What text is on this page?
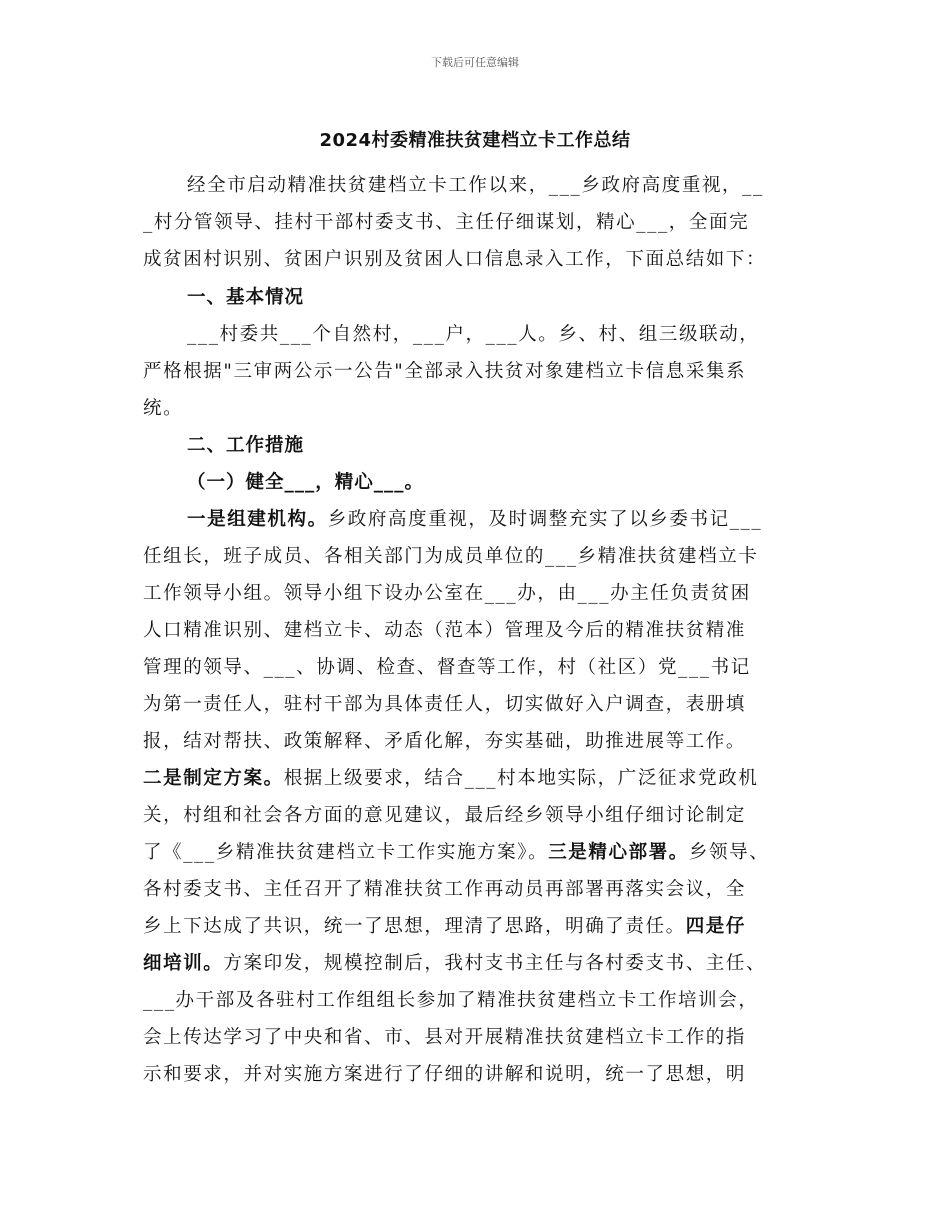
下载后可任意编辑
2024村委精准扶贫建档立卡工作总结
经全市启动精准扶贫建档立卡工作以来，___乡政府高度重视，__
_村分管领导、挂村干部村委支书、主任仔细谋划，精心___，全面完
成贫困村识别、贫困户识别及贫困人口信息录入工作，下面总结如下：
一、基本情况
___村委共___个自然村，___户，___人。乡、村、组三级联动，
严格根据"三审两公示一公告"全部录入扶贫对象建档立卡信息采集系
统。
二、工作措施
（一）健全___，精心___。
一是组建机构。乡政府高度重视，及时调整充实了以乡委书记___
任组长，班子成员、各相关部门为成员单位的___乡精准扶贫建档立卡
工作领导小组。领导小组下设办公室在___办，由___办主任负责贫困
人口精准识别、建档立卡、动态（范本）管理及今后的精准扶贫精准
管理的领导、___、协调、检查、督查等工作，村（社区）党___书记
为第一责任人，驻村干部为具体责任人，切实做好入户调查，表册填
报，结对帮扶、政策解释、矛盾化解，夯实基础，助推进展等工作。
二是制定方案。根据上级要求，结合___村本地实际，广泛征求党政机
关，村组和社会各方面的意见建议，最后经乡领导小组仔细讨论制定
了《___乡精准扶贫建档立卡工作实施方案》。三是精心部署。乡领导、
各村委支书、主任召开了精准扶贫工作再动员再部署再落实会议，全
乡上下达成了共识，统一了思想，理清了思路，明确了责任。四是仔
细培训。方案印发，规模控制后，我村支书主任与各村委支书、主任、
___办干部及各驻村工作组组长参加了精准扶贫建档立卡工作培训会，
会上传达学习了中央和省、市、县对开展精准扶贫建档立卡工作的指
示和要求，并对实施方案进行了仔细的讲解和说明，统一了思想，明
